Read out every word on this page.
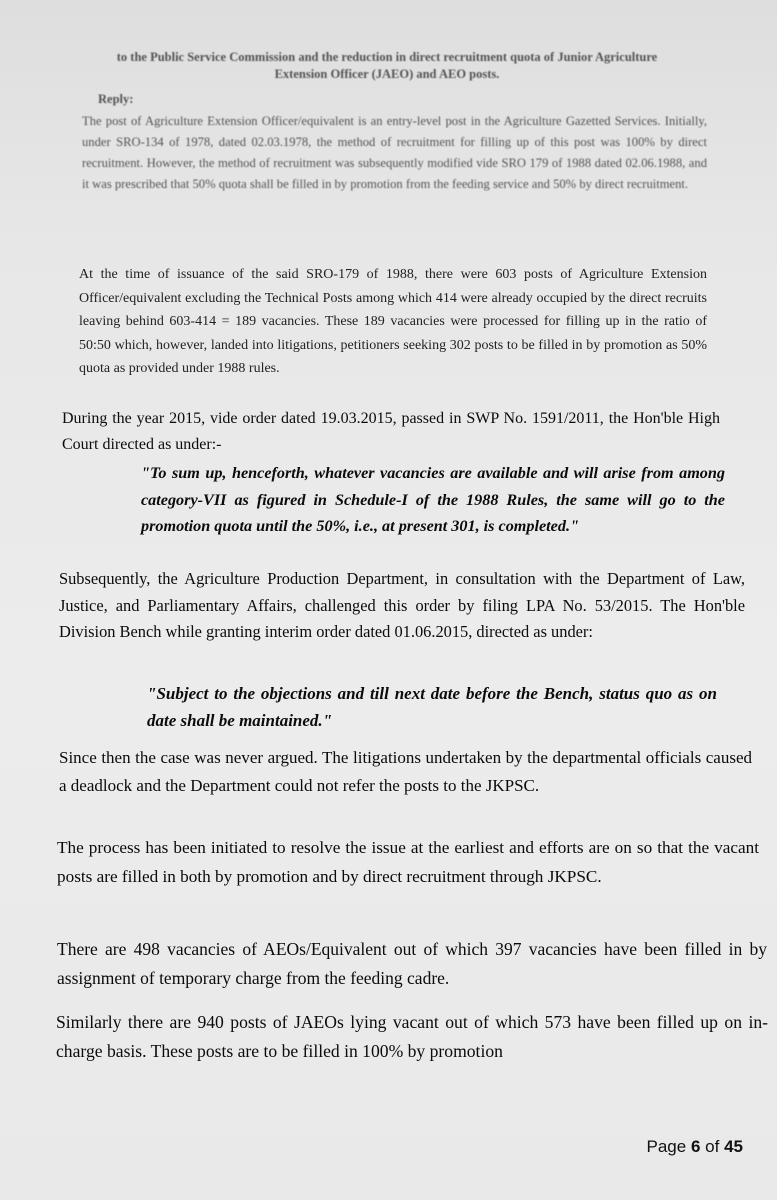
to the Public Service Commission and the reduction in direct recruitment quota of Junior Agriculture Extension Officer (JAEO) and AEO posts.

Reply:

The post of Agriculture Extension Officer/equivalent is an entry-level post in the Agriculture Gazetted Services. Initially, under SRO-134 of 1978, dated 02.03.1978, the method of recruitment for filling up of this post was 100% by direct recruitment. However, the method of recruitment was subsequently modified vide SRO 179 of 1988 dated 02.06.1988, and it was prescribed that 50% quota shall be filled in by promotion from the feeding service and 50% by direct recruitment.

At the time of issuance of the said SRO-179 of 1988, there were 603 posts of Agriculture Extension Officer/equivalent excluding the Technical Posts among which 414 were already occupied by the direct recruits leaving behind 603-414 = 189 vacancies. These 189 vacancies were processed for filling up in the ratio of 50:50 which, however, landed into litigations, petitioners seeking 302 posts to be filled in by promotion as 50% quota as provided under 1988 rules.

During the year 2015, vide order dated 19.03.2015, passed in SWP No. 1591/2011, the Hon'ble High Court directed as under:-

"To sum up, henceforth, whatever vacancies are available and will arise from among category-VII as figured in Schedule-I of the 1988 Rules, the same will go to the promotion quota until the 50%, i.e., at present 301, is completed."

Subsequently, the Agriculture Production Department, in consultation with the Department of Law, Justice, and Parliamentary Affairs, challenged this order by filing LPA No. 53/2015. The Hon'ble Division Bench while granting interim order dated 01.06.2015, directed as under:

"Subject to the objections and till next date before the Bench, status quo as on date shall be maintained."

Since then the case was never argued. The litigations undertaken by the departmental officials caused a deadlock and the Department could not refer the posts to the JKPSC.

The process has been initiated to resolve the issue at the earliest and efforts are on so that the vacant posts are filled in both by promotion and by direct recruitment through JKPSC.

There are 498 vacancies of AEOs/Equivalent out of which 397 vacancies have been filled in by assignment of temporary charge from the feeding cadre.

Similarly there are 940 posts of JAEOs lying vacant out of which 573 have been filled up on in-charge basis. These posts are to be filled in 100% by promotion

Page 6 of 45
